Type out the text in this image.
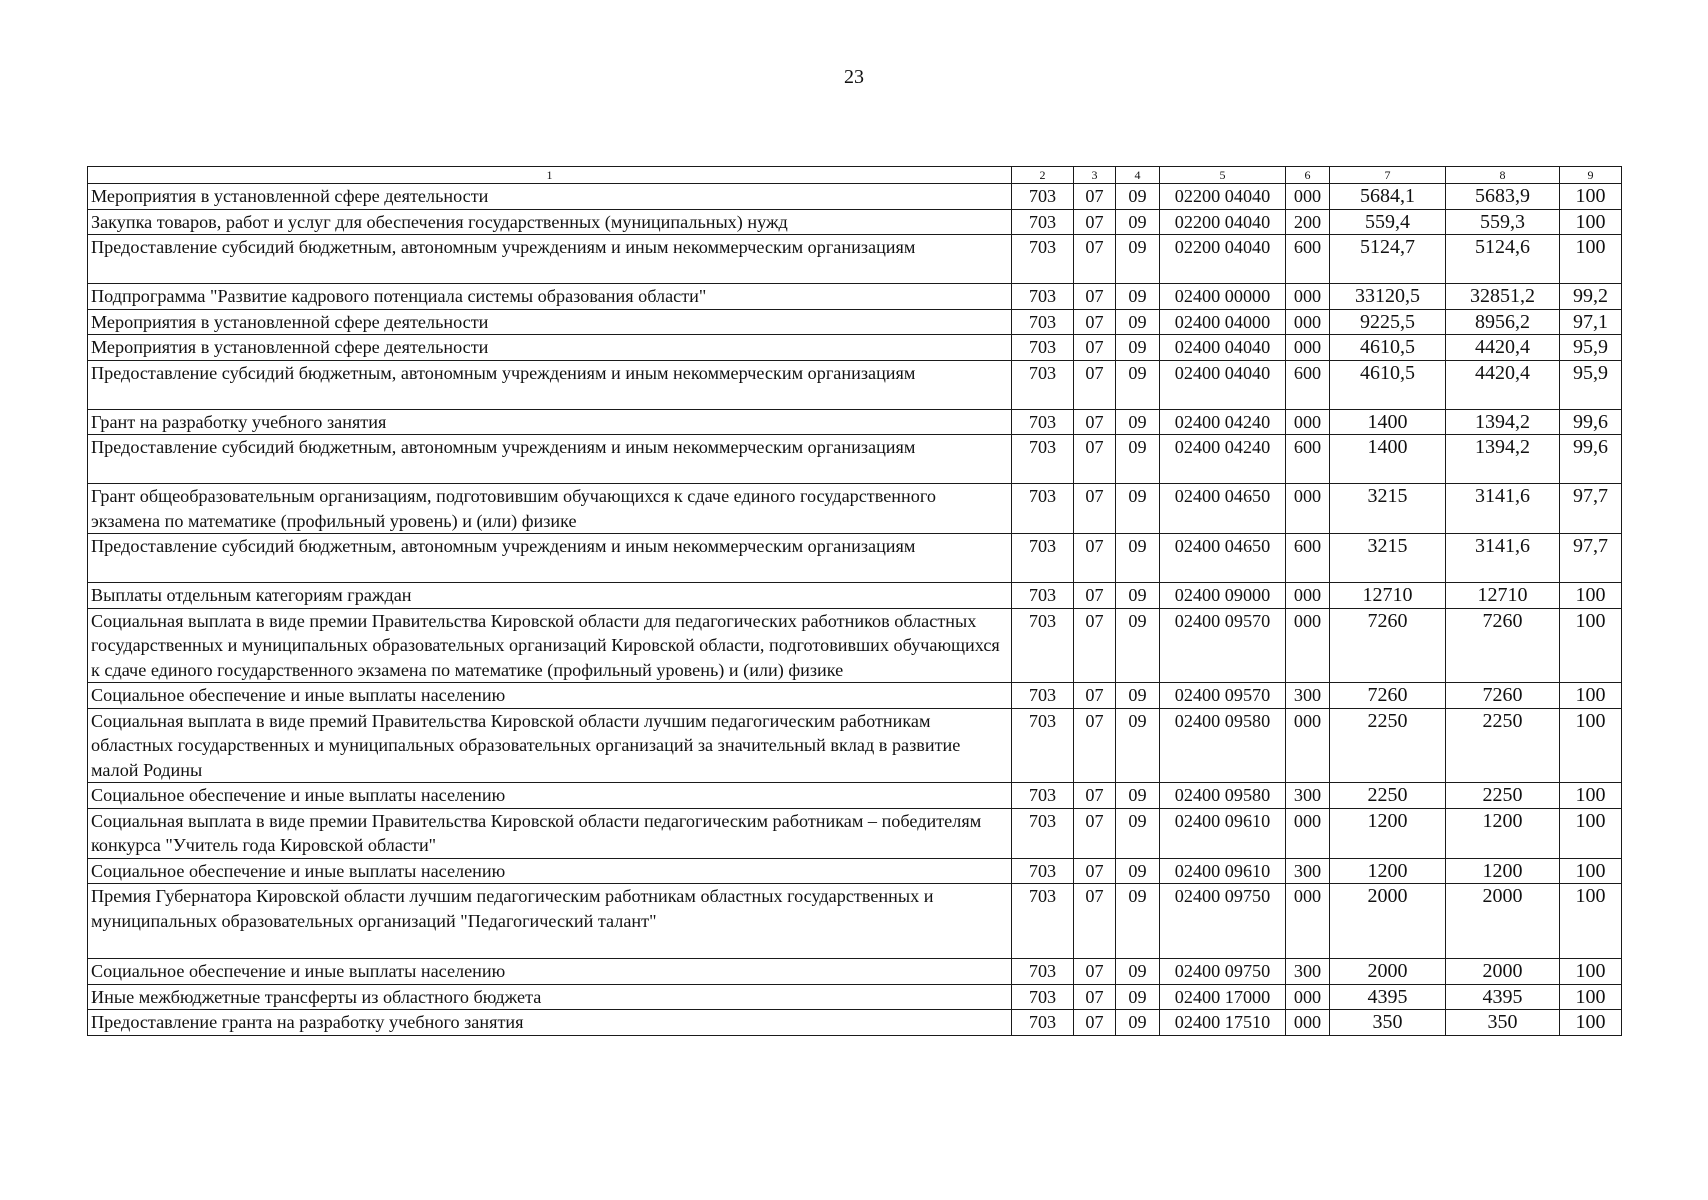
23
1	2	3	4	5	6	7	8	9
Мероприятия в установленной сфере деятельности	703	07	09	02200 04040	000	5684,1	5683,9	100
Закупка товаров, работ и услуг для обеспечения государственных (муниципальных) нужд	703	07	09	02200 04040	200	559,4	559,3	100
Предоставление субсидий бюджетным, автономным учреждениям и иным некоммерческим организациям	703	07	09	02200 04040	600	5124,7	5124,6	100
Подпрограмма "Развитие кадрового потенциала системы образования области"	703	07	09	02400 00000	000	33120,5	32851,2	99,2
Мероприятия в установленной сфере деятельности	703	07	09	02400 04000	000	9225,5	8956,2	97,1
Мероприятия в установленной сфере деятельности	703	07	09	02400 04040	000	4610,5	4420,4	95,9
Предоставление субсидий бюджетным, автономным учреждениям и иным некоммерческим организациям	703	07	09	02400 04040	600	4610,5	4420,4	95,9
Грант на разработку учебного занятия	703	07	09	02400 04240	000	1400	1394,2	99,6
Предоставление субсидий бюджетным, автономным учреждениям и иным некоммерческим организациям	703	07	09	02400 04240	600	1400	1394,2	99,6
Грант общеобразовательным организациям, подготовившим обучающихся к сдаче единого государственного экзамена по математике (профильный уровень) и (или) физике	703	07	09	02400 04650	000	3215	3141,6	97,7
Предоставление субсидий бюджетным, автономным учреждениям и иным некоммерческим организациям	703	07	09	02400 04650	600	3215	3141,6	97,7
Выплаты отдельным категориям граждан	703	07	09	02400 09000	000	12710	12710	100
Социальная выплата в виде премии Правительства Кировской области для педагогических работников областных государственных и муниципальных образовательных организаций Кировской области, подготовивших обучающихся к сдаче единого государственного экзамена по математике (профильный уровень) и (или) физике	703	07	09	02400 09570	000	7260	7260	100
Социальное обеспечение и иные выплаты населению	703	07	09	02400 09570	300	7260	7260	100
Социальная выплата в виде премий Правительства Кировской области лучшим педагогическим работникам областных государственных и муниципальных образовательных организаций за значительный вклад в развитие малой Родины	703	07	09	02400 09580	000	2250	2250	100
Социальное обеспечение и иные выплаты населению	703	07	09	02400 09580	300	2250	2250	100
Социальная выплата в виде премии Правительства Кировской области педагогическим работникам – победителям конкурса "Учитель года Кировской области"	703	07	09	02400 09610	000	1200	1200	100
Социальное обеспечение и иные выплаты населению	703	07	09	02400 09610	300	1200	1200	100
Премия Губернатора Кировской области лучшим педагогическим работникам областных государственных и муниципальных образовательных организаций "Педагогический талант"	703	07	09	02400 09750	000	2000	2000	100
Социальное обеспечение и иные выплаты населению	703	07	09	02400 09750	300	2000	2000	100
Иные межбюджетные трансферты из областного бюджета	703	07	09	02400 17000	000	4395	4395	100
Предоставление гранта на разработку учебного занятия	703	07	09	02400 17510	000	350	350	100
